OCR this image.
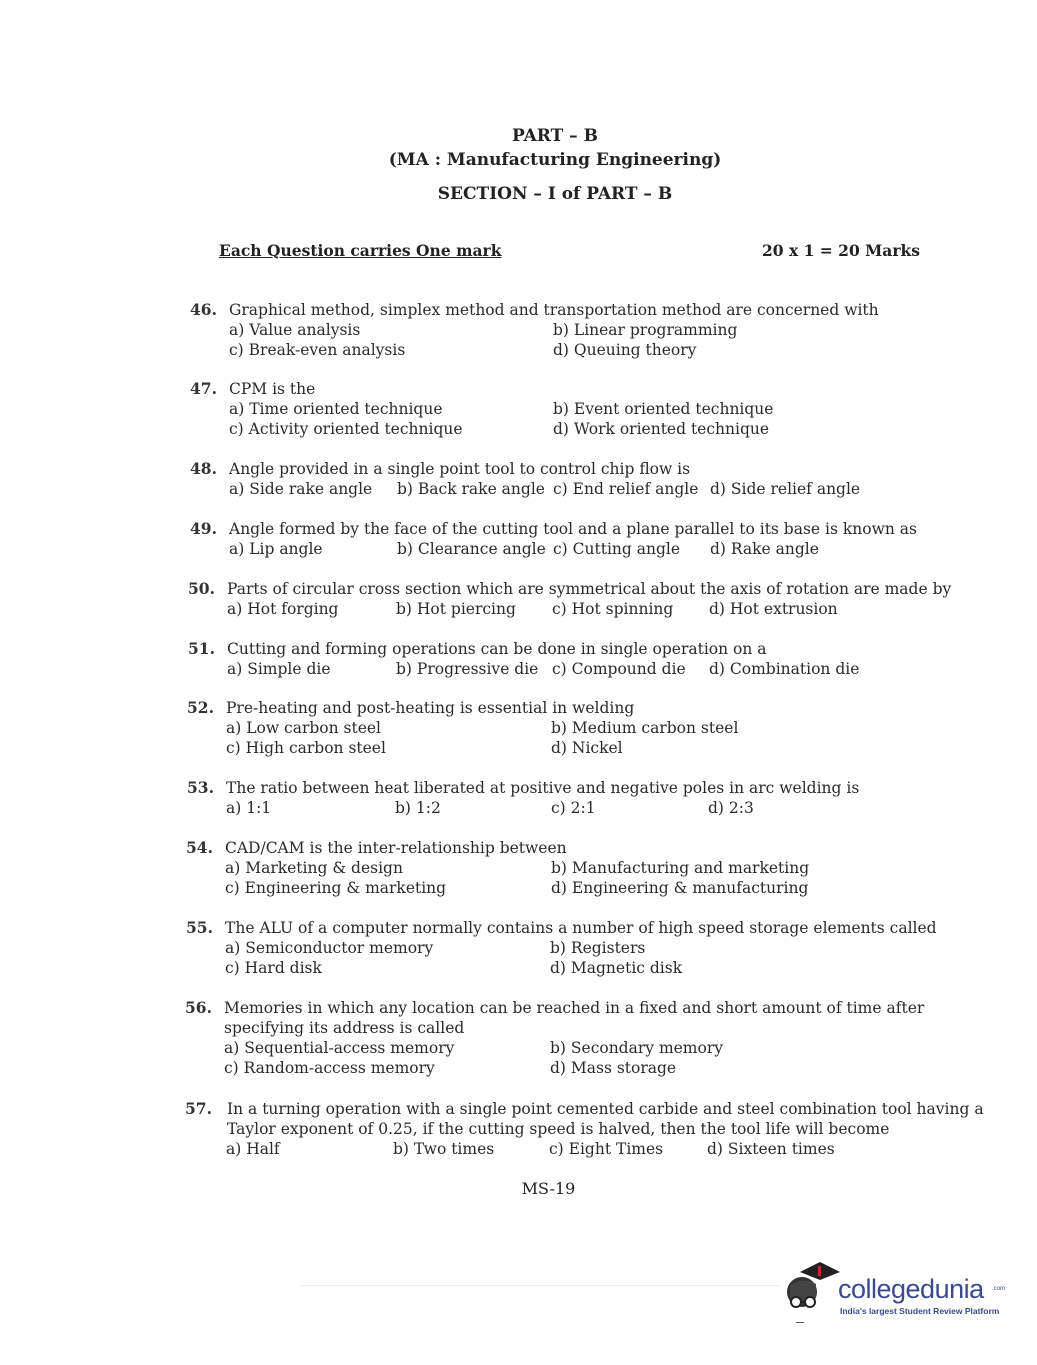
PART – B
(MA : Manufacturing Engineering)
SECTION – I of PART – B
Each Question carries One mark	20 x 1 = 20 Marks
46. Graphical method, simplex method and transportation method are concerned with
a) Value analysis	b) Linear programming
c) Break-even analysis	d) Queuing theory
47. CPM is the
a) Time oriented technique	b) Event oriented technique
c) Activity oriented technique	d) Work oriented technique
48. Angle provided in a single point tool to control chip flow is
a) Side rake angle b) Back rake angle c) End relief angle d) Side relief angle
49. Angle formed by the face of the cutting tool and a plane parallel to its base is known as
a) Lip angle	b) Clearance angle c) Cutting angle d) Rake angle
50. Parts of circular cross section which are symmetrical about the axis of rotation are made by
a) Hot forging	b) Hot piercing c) Hot spinning d) Hot extrusion
51. Cutting and forming operations can be done in single operation on a
a) Simple die	b) Progressive die c) Compound die d) Combination die
52. Pre-heating and post-heating is essential in welding
a) Low carbon steel	b) Medium carbon steel
c) High carbon steel	d) Nickel
53. The ratio between heat liberated at positive and negative poles in arc welding is
a) 1:1	b) 1:2	c) 2:1	d) 2:3
54. CAD/CAM is the inter-relationship between
a) Marketing & design	b) Manufacturing and marketing
c) Engineering & marketing	d) Engineering & manufacturing
55. The ALU of a computer normally contains a number of high speed storage elements called
a) Semiconductor memory	b) Registers
c) Hard disk	d) Magnetic disk
56. Memories in which any location can be reached in a fixed and short amount of time after
specifying its address is called
a) Sequential-access memory	b) Secondary memory
c) Random-access memory	d) Mass storage
57. In a turning operation with a single point cemented carbide and steel combination tool having a
Taylor exponent of 0.25, if the cutting speed is halved, then the tool life will become
a) Half	b) Two times	c) Eight Times	d) Sixteen times
MS-19
collegedunia .com
India's largest Student Review Platform
